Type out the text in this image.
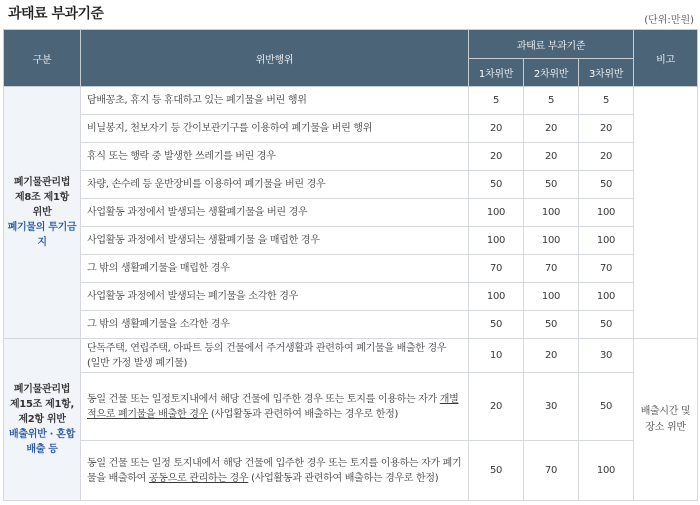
과태료 부과기준	(단위:만원)
구분	위반행위	과태료 부과기준			비고
		1차위반	2차위반	3차위반	

폐기물관리법
제8조 제1항
위반
폐기물의 투기금지	담배꽁초, 휴지 등 휴대하고 있는 폐기물을 버린 행위	5	5	5	
	비닐봉지, 천보자기 등 간이보관기구를 이용하여 폐기물을 버린 행위	20	20	20	
	휴식 또는 행락 중 발생한 쓰레기를 버린 경우	20	20	20	
	차량, 손수레 등 운반장비를 이용하여 폐기물을 버린 경우	50	50	50	
	사업활동 과정에서 발생되는 생활폐기물을 버린 경우	100	100	100	
	사업활동 과정에서 발생되는 생활폐기물 을 매립한 경우	100	100	100	
	그 밖의 생활폐기물을 매립한 경우	70	70	70	
	사업활동 과정에서 발생되는 폐기물을 소각한 경우	100	100	100	
	그 밖의 생활폐기물을 소각한 경우	50	50	50	

폐기물관리법
제15조 제1항,
제2항 위반
배출위반 · 혼합배출 등	단독주택, 연립주택, 아파트 등의 건물에서 주거생활과 관련하여 폐기물을 배출한 경우 (일반 가정 발생 폐기물)	10	20	30	배출시간 및 장소 위반
	동일 건물 또는 일정토지내에서 해당 건물에 입주한 경우 또는 토지를 이용하는 자가 개별적으로 폐기물을 배출한 경우 (사업활동과 관련하여 배출하는 경우로 한정)	20	30	50	
	동일 건물 또는 일정 토지내에서 해당 건물에 입주한 경우 또는 토지를 이용하는 자가 폐기물을 배출하여 공동으로 관리하는 경우 (사업활동과 관련하여 배출하는 경우로 한정)	50	70	100	
